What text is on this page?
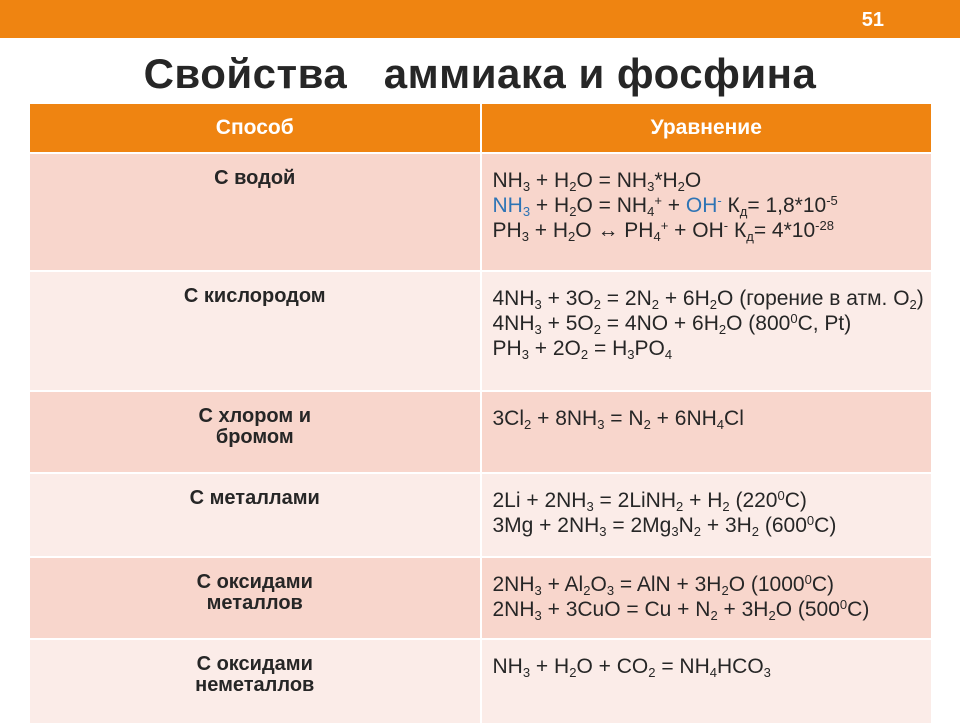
51
Свойства   аммиака и фосфина
Способ	Уравнение
С водой	$NH_3 + H_2O = NH_3*H_2O$
$NH_3 + H_2O = NH_4^+ + OH^-$ $К_д= 1,8*10^{-5}$
$PH_3 + H_2O$ ↔ $PH_4^+ + OH^-$ $К_д= 4*10^{-28}$

С кислородом	$4NH_3 + 3O_2 = 2N_2 + 6H_2O$ (горение в атм. $O_2$)
$4NH_3 + 5O_2 = 4NO + 6H_2O$ ($800^0C$, Pt)
$PH_3 + 2O_2 = H_3PO_4$

С хлором и бромом	$3Cl_2 + 8NH_3 = N_2 + 6NH_4Cl$

С металлами	$2Li + 2NH_3$ = 2LiNH$_2$ + $H_2$ $(220^0C)$
$3Mg + 2NH_3 = 2Mg_3N_2 + 3H_2$ $(600^0C)$

С оксидами металлов	$2NH_3 + Al_2O_3$ = AlN + $3H_2O$ (1000$^0$C)
$2NH_3 + 3CuO = Cu + N_2 + 3H_2O$ $(500^0C)$

С оксидами неметаллов	$NH_3 + H_2O + CO_2 = NH_4HCO_3$
